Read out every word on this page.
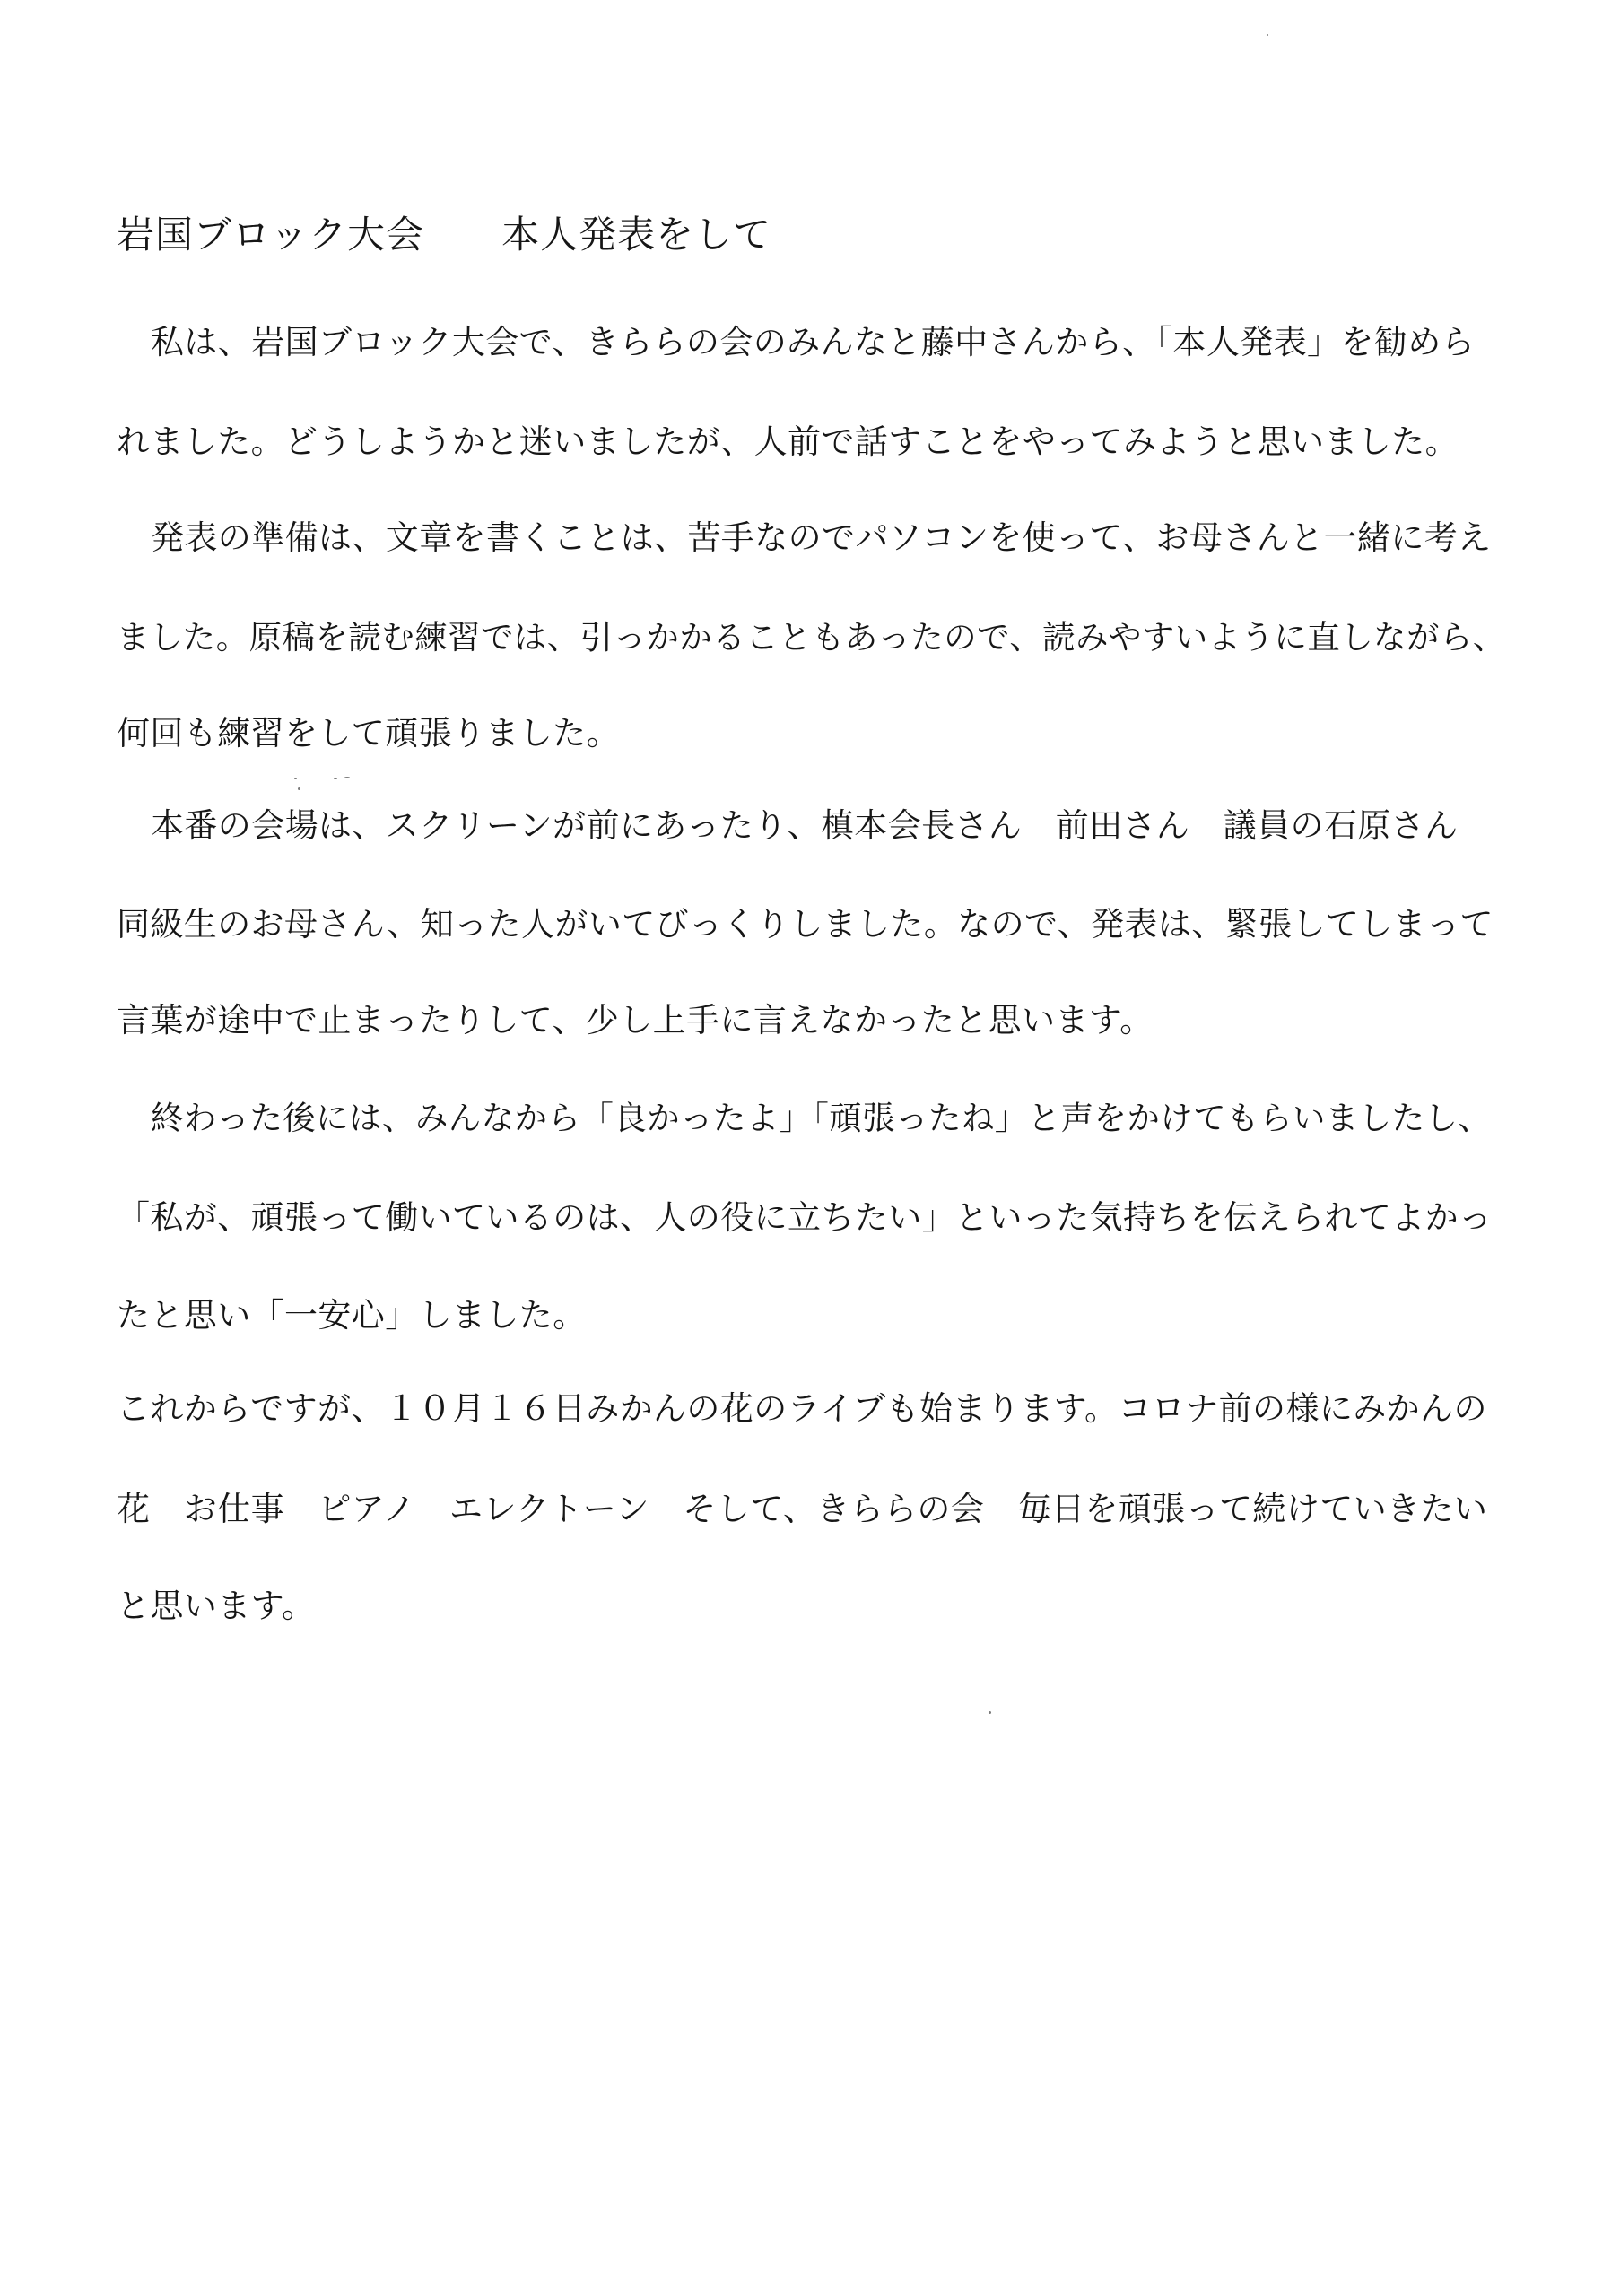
岩国ブロック大会 本人発表をして
私は、岩国ブロック大会で、きららの会のみんなと藤中さんから、「本人発表」を勧めら
れました。どうしようかと迷いましたが、人前で話すことをやってみようと思いました。
発表の準備は、文章を書くことは、苦手なのでパソコンを使って、お母さんと一緒に考え
ました。原稿を読む練習では、引っかかることもあったので、読みやすいように直しながら、
何回も練習をして頑張りました。
本番の会場は、スクリーンが前にあったり、槙本会長さん　前田さん　議員の石原さん
同級生のお母さん、知った人がいてびっくりしました。なので、発表は、緊張してしまって
言葉が途中で止まったりして、少し上手に言えなかったと思います。
終わった後には、みんなから「良かったよ」「頑張ったね」と声をかけてもらいましたし、
「私が、頑張って働いているのは、人の役に立ちたい」といった気持ちを伝えられてよかっ
たと思い「一安心」しました。
これからですが、１０月１６日みかんの花のライブも始まります。コロナ前の様にみかんの
花　お仕事　ピアノ　エレクトーン　そして、きららの会　毎日を頑張って続けていきたい
と思います。
